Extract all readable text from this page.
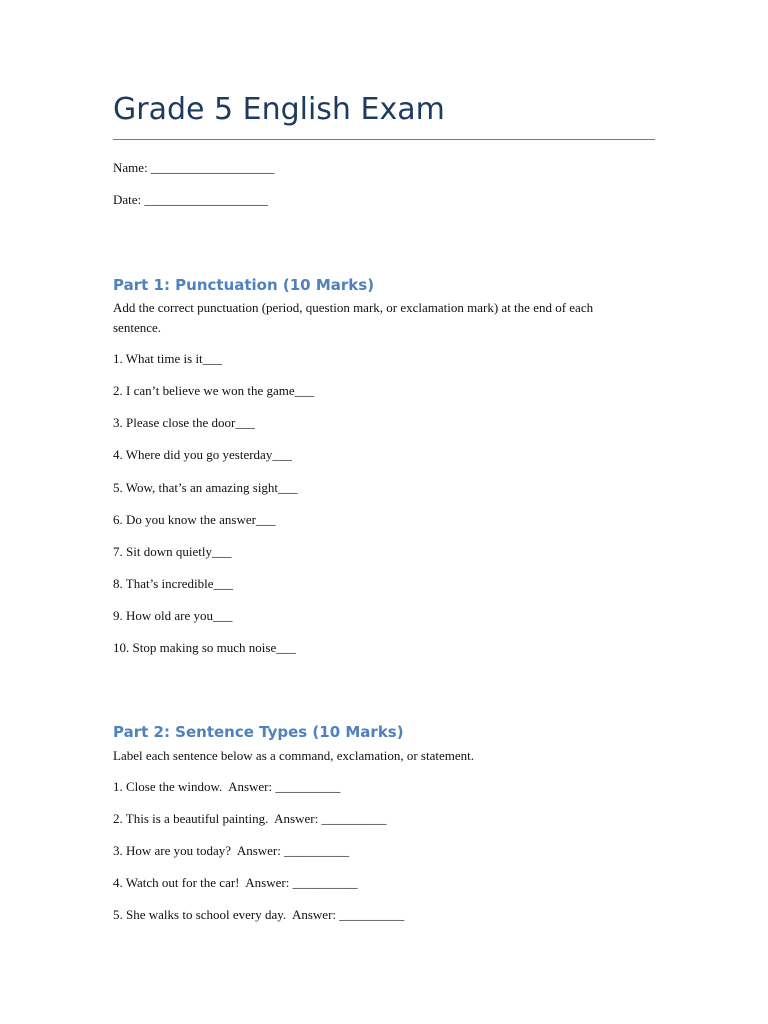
Grade 5 English Exam
Name: ___________________
Date: ___________________
Part 1: Punctuation (10 Marks)
Add the correct punctuation (period, question mark, or exclamation mark) at the end of each sentence.
1. What time is it___
2. I can’t believe we won the game___
3. Please close the door___
4. Where did you go yesterday___
5. Wow, that’s an amazing sight___
6. Do you know the answer___
7. Sit down quietly___
8. That’s incredible___
9. How old are you___
10. Stop making so much noise___
Part 2: Sentence Types (10 Marks)
Label each sentence below as a command, exclamation, or statement.
1. Close the window.  Answer: __________
2. This is a beautiful painting.  Answer: __________
3. How are you today?  Answer: __________
4. Watch out for the car!  Answer: __________
5. She walks to school every day.  Answer: __________
